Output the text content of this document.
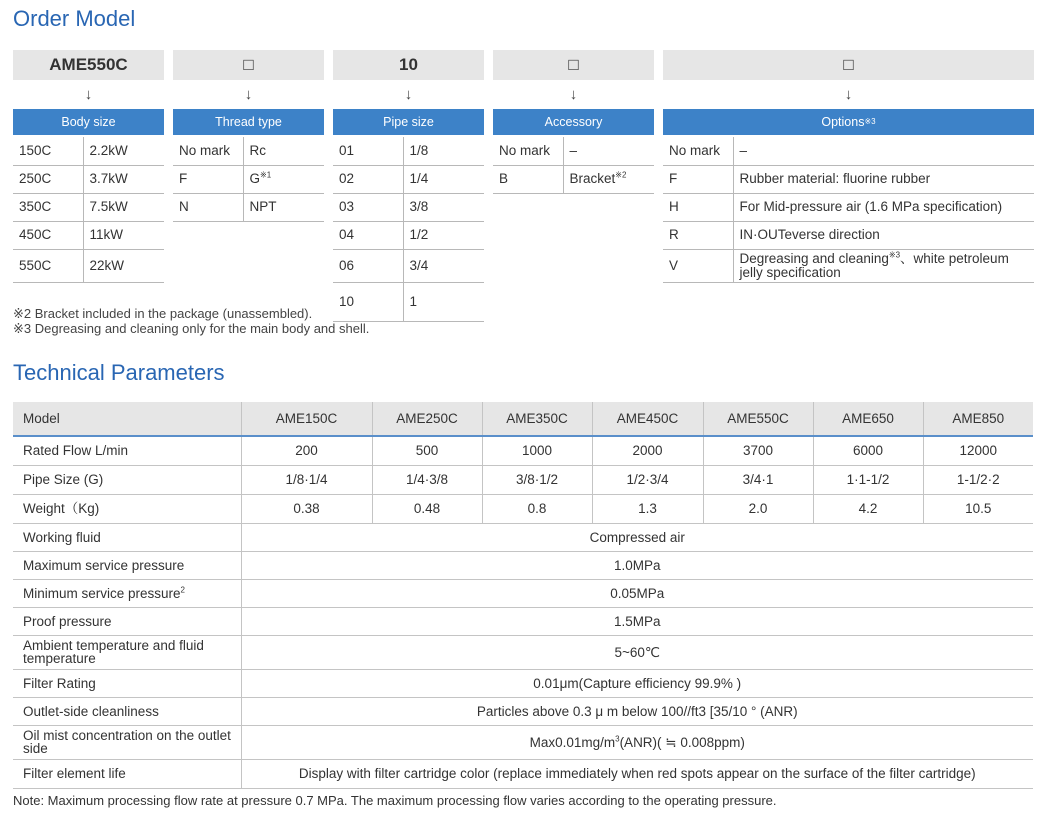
Order Model
AME550C	□	10	□	□
↓	↓	↓	↓	↓
Body size	Thread type	Pipe size	Accessory	Options ※3
150C	2.2kW
250C	3.7kW
350C	7.5kW
450C	11kW
550C	22kW
No mark	Rc
F	$G^{※1}$
N	NPT
01	1/8
02	1/4
03	3/8
04	1/2
06	3/4
10	1
No mark	–
B	Bracket$^{※2}$
No mark	–
F	Rubber material: fluorine rubber
H	For Mid-pressure air (1.6 MPa specification)
R	IN·OUTeverse direction
V	Degreasing and cleaning$^{※3}$、white petroleum jelly specification
※2 Bracket included in the package (unassembled).
※3 Degreasing and cleaning only for the main body and shell.
Technical Parameters
Model	AME150C	AME250C	AME350C	AME450C	AME550C	AME650	AME850
Rated Flow L/min	200	500	1000	2000	3700	6000	12000
Pipe Size (G)	1/8·1/4	1/4·3/8	3/8·1/2	1/2·3/4	3/4·1	1·1-1/2	1-1/2·2
Weight（Kg)	0.38	0.48	0.8	1.3	2.0	4.2	10.5
Working fluid	Compressed air						
Maximum service pressure	1.0MPa						
Minimum service pressure$^2$	0.05MPa						
Proof pressure	1.5MPa						
Ambient temperature and fluid temperature	5~60℃						
Filter Rating	0.01μm(Capture efficiency 99.9% )						
Outlet-side cleanliness	Particles above 0.3 μ m below 100//ft3 [35/10 ° (ANR)						
Oil mist concentration on the outlet side	$Max0.01mg/m^3(ANR)$( ≒ 0.008ppm)						
Filter element life	Display with filter cartridge color (replace immediately when red spots appear on the surface of the filter cartridge)						
Note: Maximum processing flow rate at pressure 0.7 MPa. The maximum processing flow varies according to the operating pressure.
